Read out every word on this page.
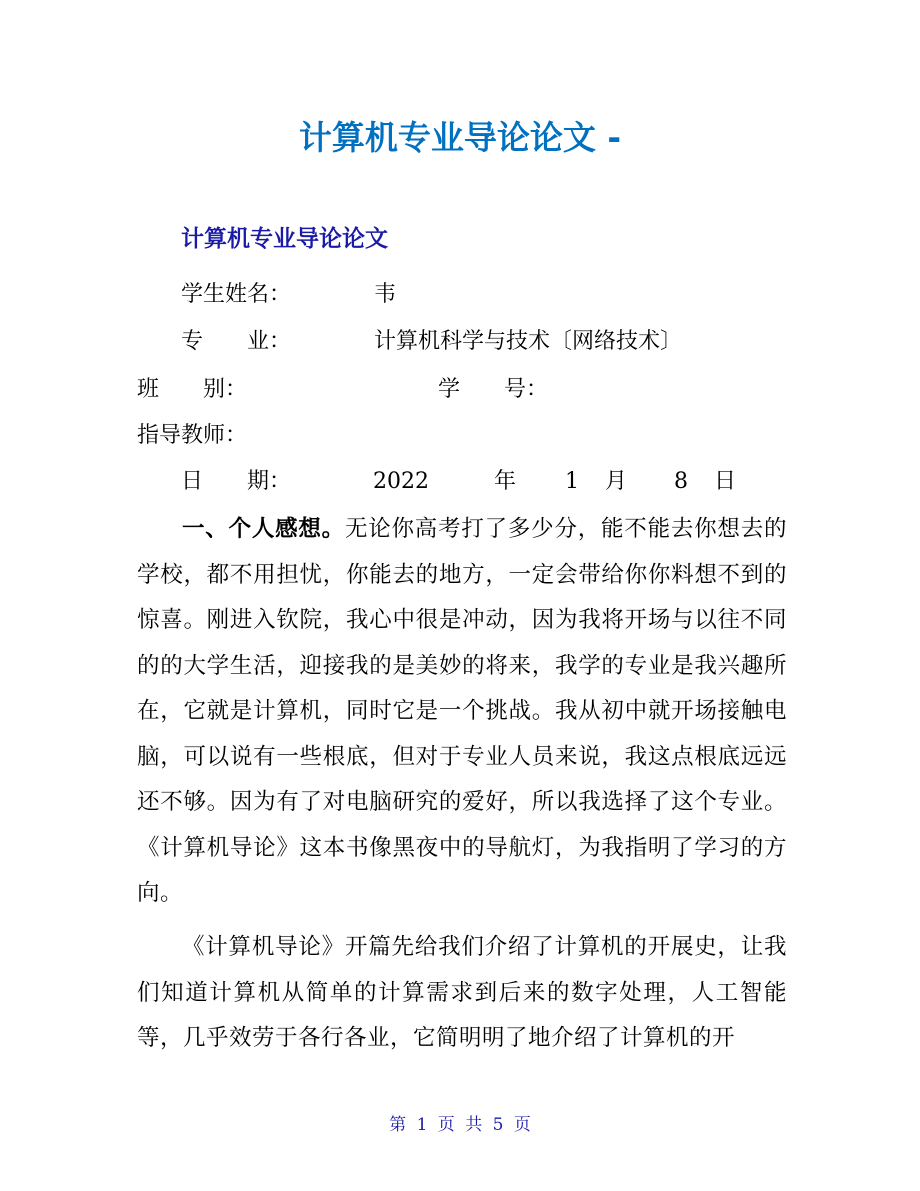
计算机专业导论论文 -
计算机专业导论论文
学生姓名：	韦
专　　业：	计算机科学与技术〔网络技术〕
班　　别：	学　　号：
指导教师：
日　　期：	2022	年 1 月 8 日

一、个人感想。无论你高考打了多少分，能不能去你想去的学校，都不用担忧，你能去的地方，一定会带给你你料想不到的惊喜。刚进入钦院，我心中很是冲动，因为我将开场与以往不同的的大学生活，迎接我的是美妙的将来，我学的专业是我兴趣所在，它就是计算机，同时它是一个挑战。我从初中就开场接触电脑，可以说有一些根底，但对于专业人员来说，我这点根底远远还不够。因为有了对电脑研究的爱好，所以我选择了这个专业。《计算机导论》这本书像黑夜中的导航灯，为我指明了学习的方向。

《计算机导论》开篇先给我们介绍了计算机的开展史，让我们知道计算机从简单的计算需求到后来的数字处理，人工智能等，几乎效劳于各行各业，它简明明了地介绍了计算机的开

第 1 页 共 5 页
